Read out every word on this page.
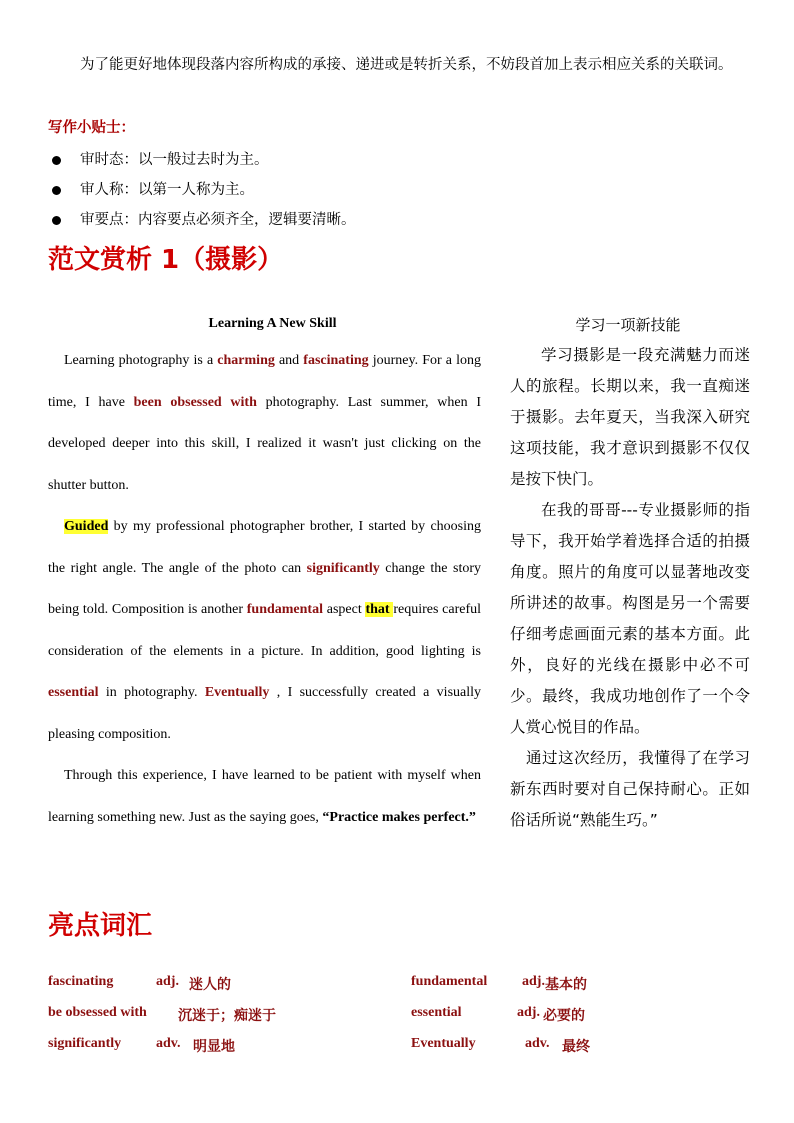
为了能更好地体现段落内容所构成的承接、递进或是转折关系，不妨段首加上表示相应关系的关联词。
写作小贴士：
审时态：以一般过去时为主。
审人称：以第一人称为主。
审要点：内容要点必须齐全，逻辑要清晰。
范文赏析 1（摄影）
Learning A New Skill

Learning photography is a charming and fascinating journey. For a long time, I have been obsessed with photography. Last summer, when I developed deeper into this skill, I realized it wasn't just clicking on the shutter button.

Guided by my professional photographer brother, I started by choosing the right angle. The angle of the photo can significantly change the story being told. Composition is another fundamental aspect that requires careful consideration of the elements in a picture. In addition, good lighting is essential in photography. Eventually , I successfully created a visually pleasing composition.

Through this experience, I have learned to be patient with myself when learning something new. Just as the saying goes, “Practice makes perfect.”

学习一项新技能

学习摄影是一段充满魅力而迷人的旅程。长期以来，我一直痴迷于摄影。去年夏天，当我深入研究这项技能，我才意识到摄影不仅仅是按下快门。

在我的哥哥---专业摄影师的指导下，我开始学着选择合适的拍摄角度。照片的角度可以显著地改变所讲述的故事。构图是另一个需要仔细考虑画面元素的基本方面。此外，良好的光线在摄影中必不可少。最终，我成功地创作了一个令人赏心悦目的作品。

通过这次经历，我懂得了在学习新东西时要对自己保持耐心。正如俗话所说“熟能生巧。”

亮点词汇
fascinating	adj. 迷人的
be obsessed with 沉迷于；痴迷于
significantly adv. 明显地
fundamental adj. 基本的
essential	adj. 必要的
Eventually	adv. 最终
